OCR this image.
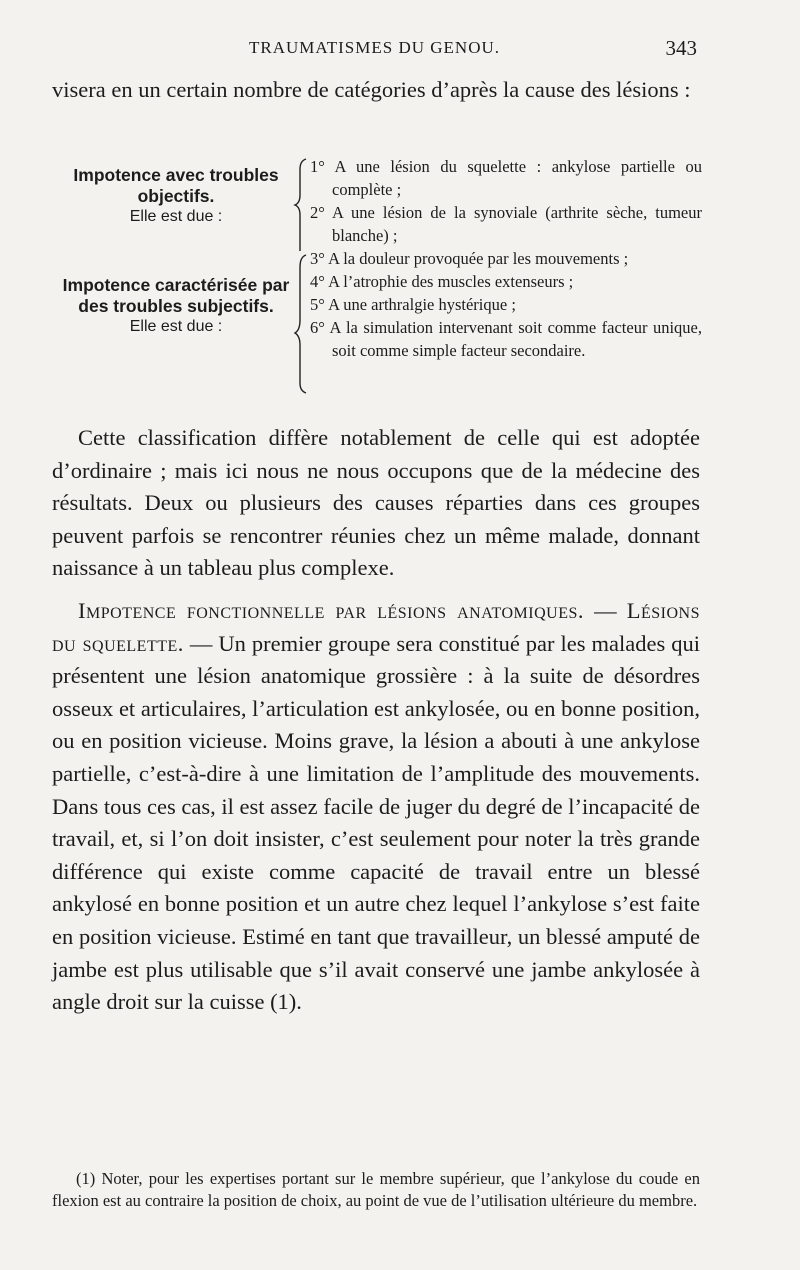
TRAUMATISMES DU GENOU.	343
visera en un certain nombre de catégories d’après la cause des lésions :
Impotence avec troubles objectifs.
Elle est due :
Impotence caractérisée par des troubles subjectifs.
Elle est due :
1° A une lésion du squelette : ankylose partielle ou complète ;
2° A une lésion de la synoviale (arthrite sèche, tumeur blanche) ;
3° A la douleur provoquée par les mouvements ;
4° A l’atrophie des muscles extenseurs ;
5° A une arthralgie hystérique ;
6° A la simulation intervenant soit comme facteur unique, soit comme simple facteur secondaire.

Cette classification diffère notablement de celle qui est adoptée d’ordinaire ; mais ici nous ne nous occupons que de la médecine des résultats. Deux ou plusieurs des causes réparties dans ces groupes peuvent parfois se rencontrer réunies chez un même malade, donnant naissance à un tableau plus complexe.

Impotence fonctionnelle par lésions anatomiques. — Lésions du squelette. — Un premier groupe sera constitué par les malades qui présentent une lésion anatomique grossière : à la suite de désordres osseux et articulaires, l’articulation est ankylosée, ou en bonne position, ou en position vicieuse. Moins grave, la lésion a abouti à une ankylose partielle, c’est-à-dire à une limitation de l’amplitude des mouvements. Dans tous ces cas, il est assez facile de juger du degré de l’incapacité de travail, et, si l’on doit insister, c’est seulement pour noter la très grande différence qui existe comme capacité de travail entre un blessé ankylosé en bonne position et un autre chez lequel l’ankylose s’est faite en position vicieuse. Estimé en tant que travailleur, un blessé amputé de jambe est plus utilisable que s’il avait conservé une jambe ankylosée à angle droit sur la cuisse (1).

(1) Noter, pour les expertises portant sur le membre supérieur, que l’ankylose du coude en flexion est au contraire la position de choix, au point de vue de l’utilisation ultérieure du membre.
